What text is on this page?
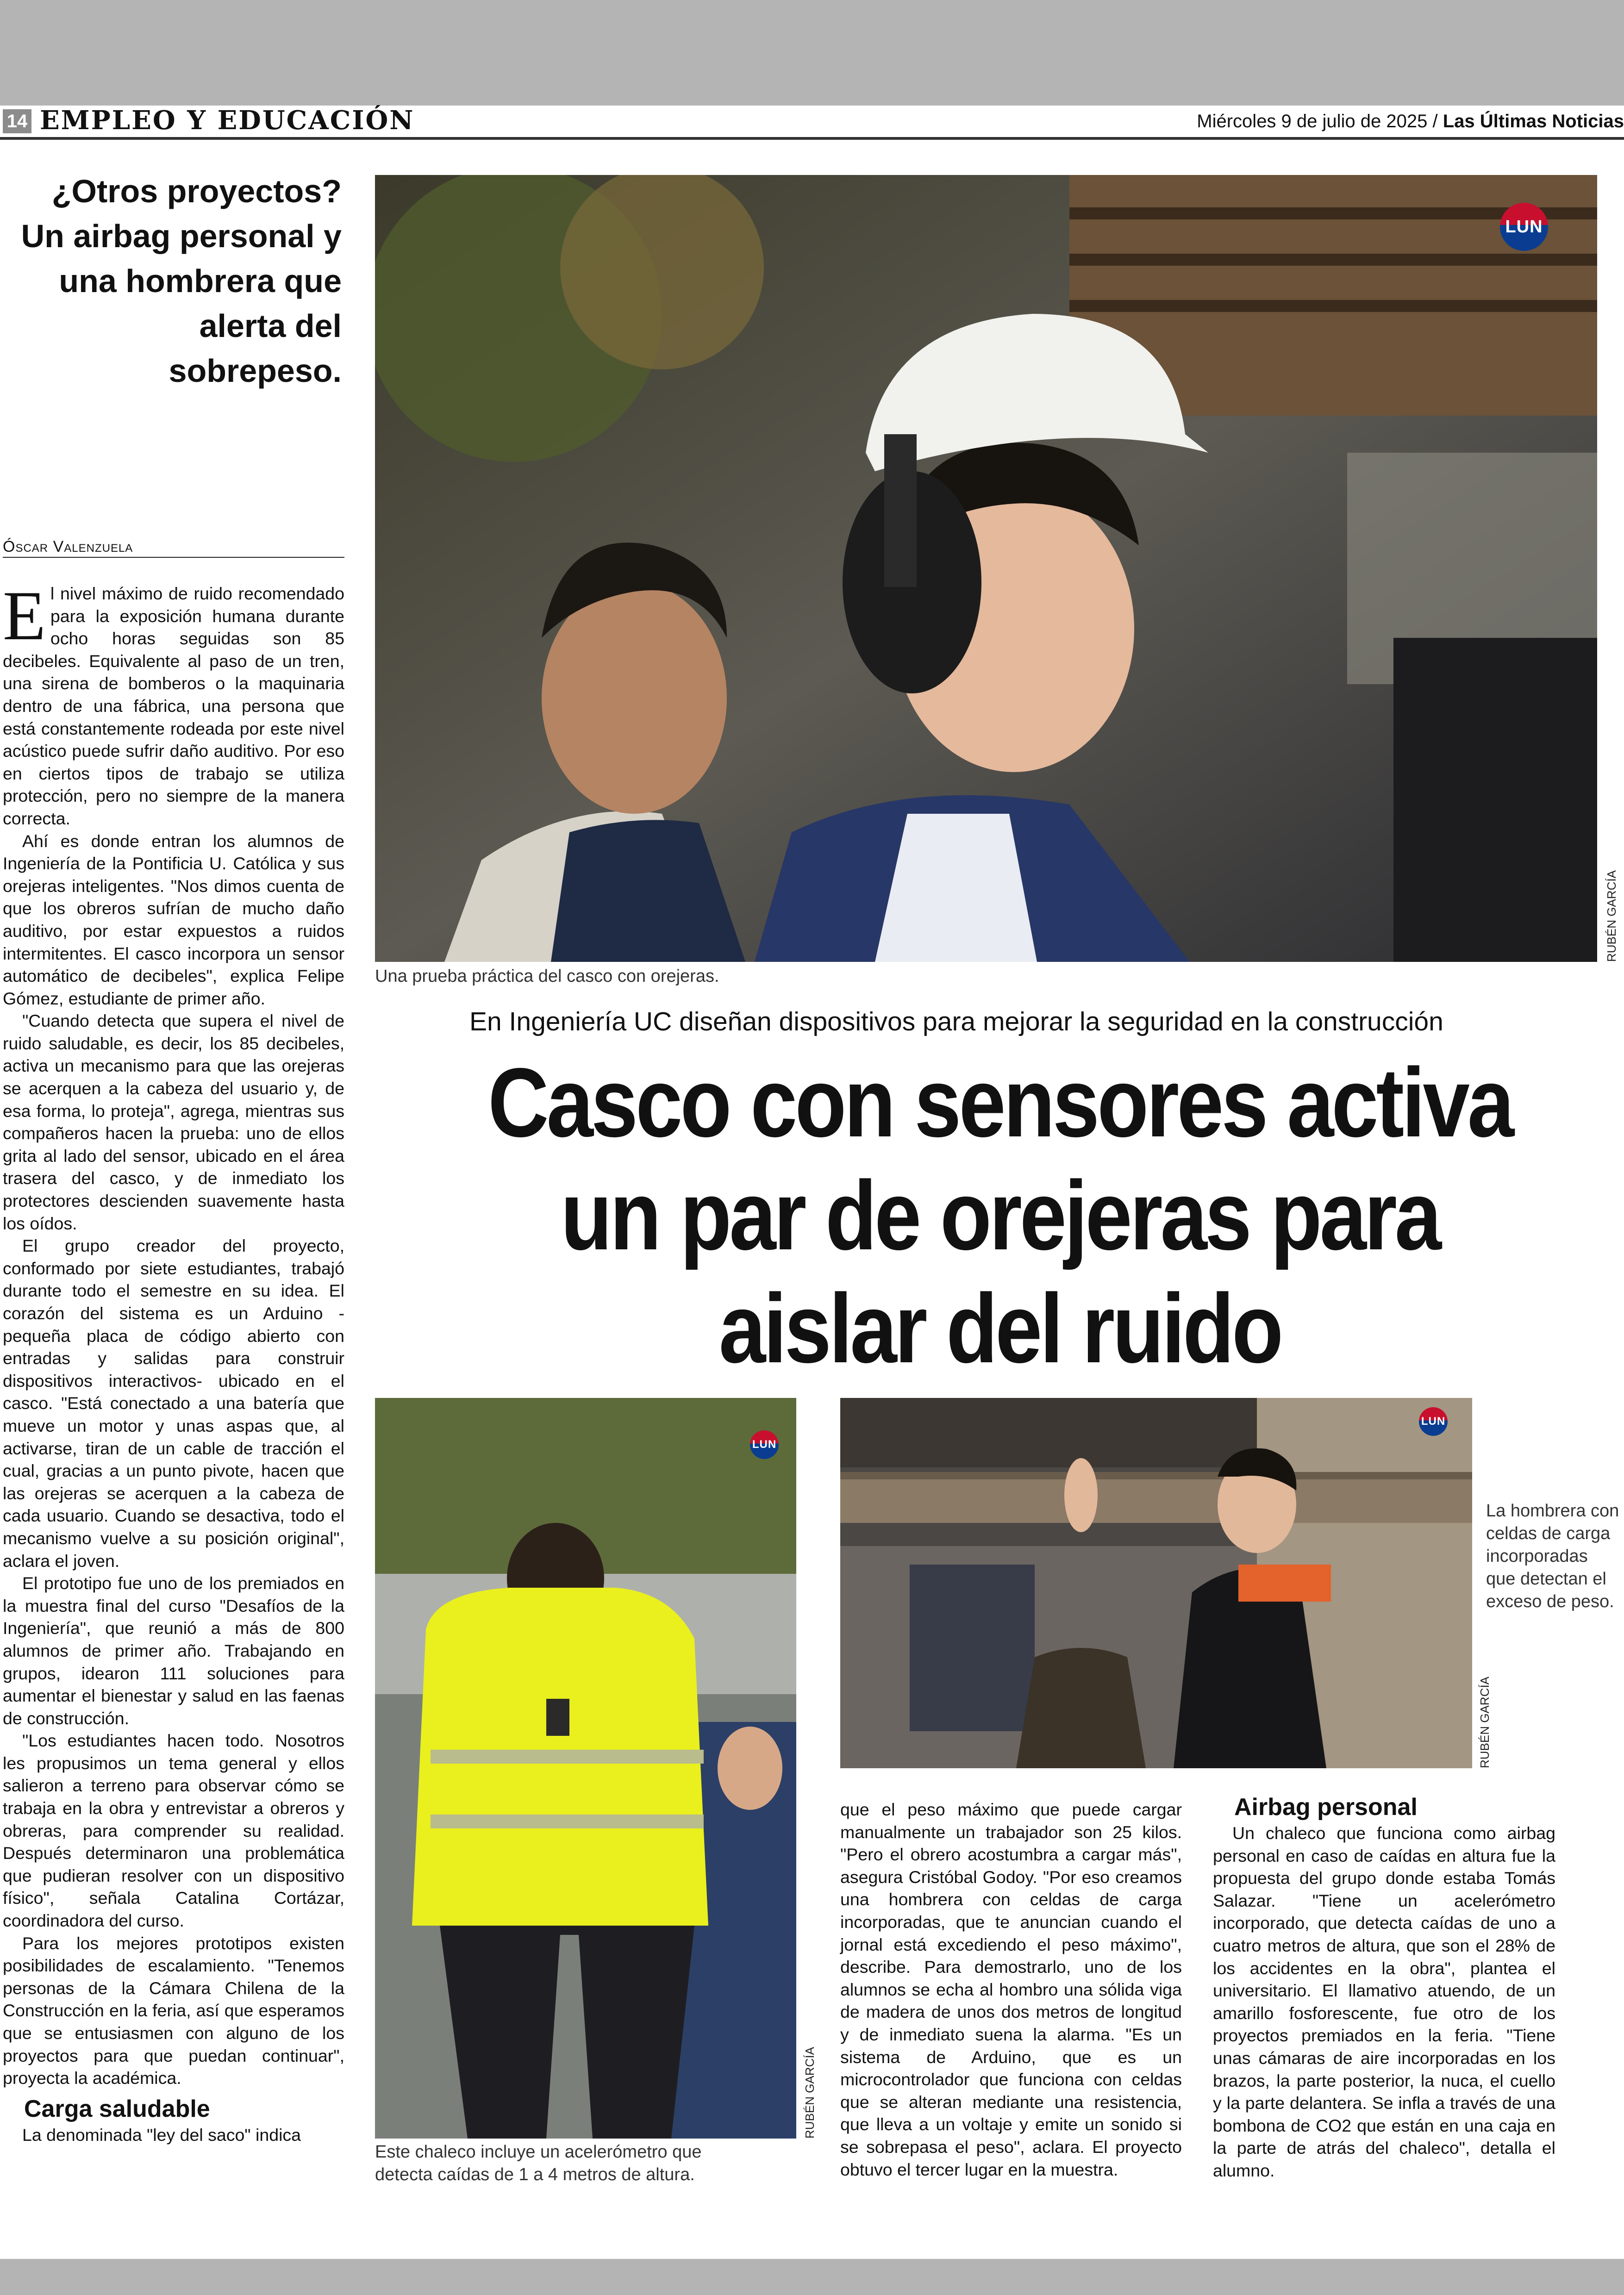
14 EMPLEO Y EDUCACIÓN	Miércoles 9 de julio de 2025 / Las Últimas Noticias
¿Otros proyectos? Un airbag personal y una hombrera que alerta del sobrepeso.
Óscar Valenzuela

El nivel máximo de ruido recomendado para la exposición humana durante ocho horas seguidas son 85 decibeles. Equivalente al paso de un tren, una sirena de bomberos o la maquinaria dentro de una fábrica, una persona que está constantemente rodeada por este nivel acústico puede sufrir daño auditivo. Por eso en ciertos tipos de trabajo se utiliza protección, pero no siempre de la manera correcta.

Ahí es donde entran los alumnos de Ingeniería de la Pontificia U. Católica y sus orejeras inteligentes. "Nos dimos cuenta de que los obreros sufrían de mucho daño auditivo, por estar expuestos a ruidos intermitentes. El casco incorpora un sensor automático de decibeles", explica Felipe Gómez, estudiante de primer año.

"Cuando detecta que supera el nivel de ruido saludable, es decir, los 85 decibeles, activa un mecanismo para que las orejeras se acerquen a la cabeza del usuario y, de esa forma, lo proteja", agrega, mientras sus compañeros hacen la prueba: uno de ellos grita al lado del sensor, ubicado en el área trasera del casco, y de inmediato los protectores descienden suavemente hasta los oídos.

El grupo creador del proyecto, conformado por siete estudiantes, trabajó durante todo el semestre en su idea. El corazón del sistema es un Arduino -pequeña placa de código abierto con entradas y salidas para construir dispositivos interactivos- ubicado en el casco. "Está conectado a una batería que mueve un motor y unas aspas que, al activarse, tiran de un cable de tracción el cual, gracias a un punto pivote, hacen que las orejeras se acerquen a la cabeza de cada usuario. Cuando se desactiva, todo el mecanismo vuelve a su posición original", aclara el joven.

El prototipo fue uno de los premiados en la muestra final del curso "Desafíos de la Ingeniería", que reunió a más de 800 alumnos de primer año. Trabajando en grupos, idearon 111 soluciones para aumentar el bienestar y salud en las faenas de construcción.

"Los estudiantes hacen todo. Nosotros les propusimos un tema general y ellos salieron a terreno para observar cómo se trabaja en la obra y entrevistar a obreros y obreras, para comprender su realidad. Después determinaron una problemática que pudieran resolver con un dispositivo físico", señala Catalina Cortázar, coordinadora del curso.

Para los mejores prototipos existen posibilidades de escalamiento. "Tenemos personas de la Cámara Chilena de la Construcción en la feria, así que esperamos que se entusiasmen con alguno de los proyectos para que puedan continuar", proyecta la académica.

Carga saludable

La denominada "ley del saco" indica

LUN
RUBÉN GARCÍA
Una prueba práctica del casco con orejeras.
En Ingeniería UC diseñan dispositivos para mejorar la seguridad en la construcción
Casco con sensores activa un par de orejeras para aislar del ruido
LUN
RUBÉN GARCÍA
Este chaleco incluye un acelerómetro que detecta caídas de 1 a 4 metros de altura.
LUN
RUBÉN GARCÍA
La hombrera con celdas de carga incorporadas que detectan el exceso de peso.

que el peso máximo que puede cargar manualmente un trabajador son 25 kilos. "Pero el obrero acostumbra a cargar más", asegura Cristóbal Godoy. "Por eso creamos una hombrera con celdas de carga incorporadas, que te anuncian cuando el jornal está excediendo el peso máximo", describe. Para demostrarlo, uno de los alumnos se echa al hombro una sólida viga de madera de unos dos metros de longitud y de inmediato suena la alarma. "Es un sistema de Arduino, que es un microcontrolador que funciona con celdas que se alteran mediante una resistencia, que lleva a un voltaje y emite un sonido si se sobrepasa el peso", aclara. El proyecto obtuvo el tercer lugar en la muestra.

Airbag personal

Un chaleco que funciona como airbag personal en caso de caídas en altura fue la propuesta del grupo donde estaba Tomás Salazar. "Tiene un acelerómetro incorporado, que detecta caídas de uno a cuatro metros de altura, que son el 28% de los accidentes en la obra", plantea el universitario. El llamativo atuendo, de un amarillo fosforescente, fue otro de los proyectos premiados en la feria. "Tiene unas cámaras de aire incorporadas en los brazos, la parte posterior, la nuca, el cuello y la parte delantera. Se infla a través de una bombona de CO2 que están en una caja en la parte de atrás del chaleco", detalla el alumno.
